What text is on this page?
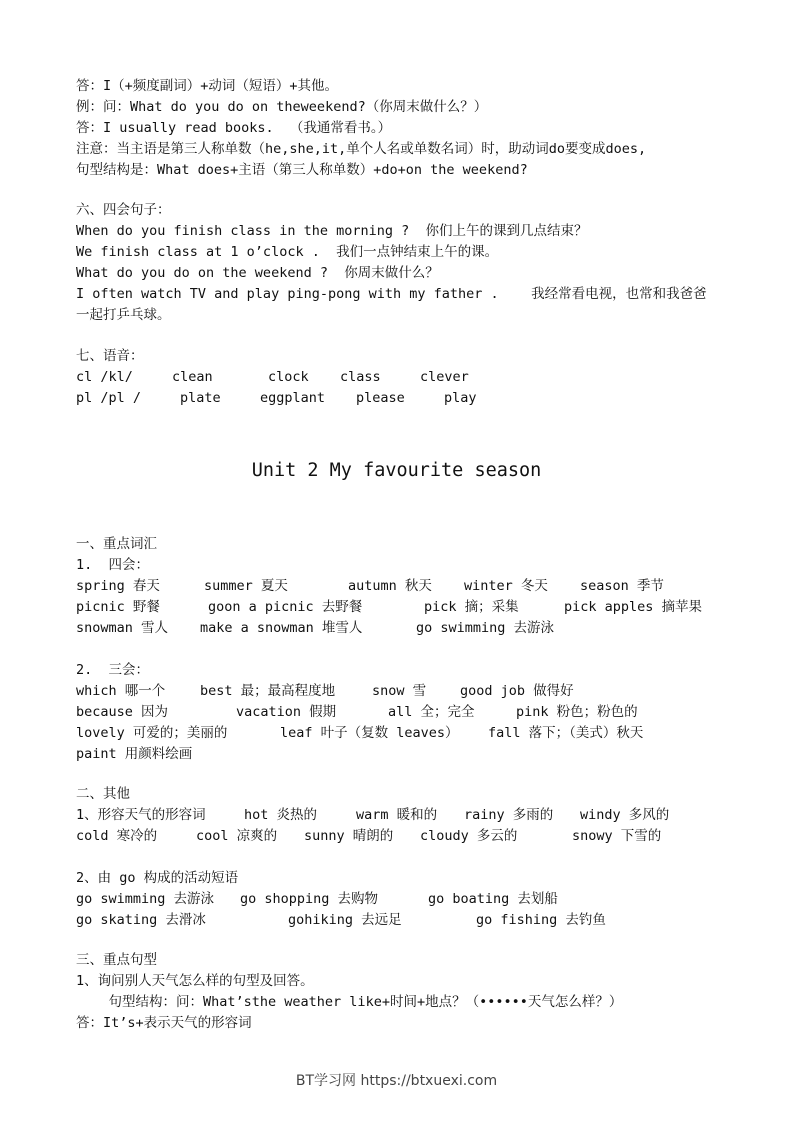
答：I（+频度副词）+动词（短语）+其他。
例：问：What do you do on theweekend?（你周末做什么？）
答：I usually read books.  （我通常看书。）
注意：当主语是第三人称单数（he,she,it,单个人名或单数名词）时，助动词do要变成does,
句型结构是：What does+主语（第三人称单数）+do+on the weekend?
六、四会句子：
When do you finish class in the morning ?  你们上午的课到几点结束？
We finish class at 1 o’clock .  我们一点钟结束上午的课。
What do you do on the weekend ?  你周末做什么？
I often watch TV and play ping-pong with my father .    我经常看电视，也常和我爸爸
一起打乒乓球。
七、语音：
cl /kl/	clean	clock class	clever
pl /pl /	plate	eggplant please	play
Unit 2 My favourite season
一、重点词汇
1.  四会：
spring 春天	summer 夏天	autumn 秋天 winter 冬天 season 季节
picnic 野餐	goon a picnic 去野餐	pick 摘；采集	pick apples 摘苹果
snowman 雪人 make a snowman 堆雪人	go swimming 去游泳
2.  三会：
which 哪一个	best 最；最高程度地	snow 雪	good job 做得好
because 因为	vacation 假期	all 全；完全	pink 粉色；粉色的
lovely 可爱的；美丽的	leaf 叶子（复数 leaves） fall 落下；（美式）秋天
paint 用颜料绘画
二、其他
1、形容天气的形容词	hot 炎热的	warm 暖和的 rainy 多雨的 windy 多风的
cold 寒冷的	cool 凉爽的 sunny 晴朗的 cloudy 多云的	snowy 下雪的
2、由 go 构成的活动短语
go swimming 去游泳 go shopping 去购物	go boating 去划船
go skating 去滑冰	gohiking 去远足	go fishing 去钓鱼
三、重点句型
1、询问别人天气怎么样的句型及回答。
句型结构：问：What’sthe weather like+时间+地点？（••••••天气怎么样？）
答：It’s+表示天气的形容词
BT学习网 https://btxuexi.com
